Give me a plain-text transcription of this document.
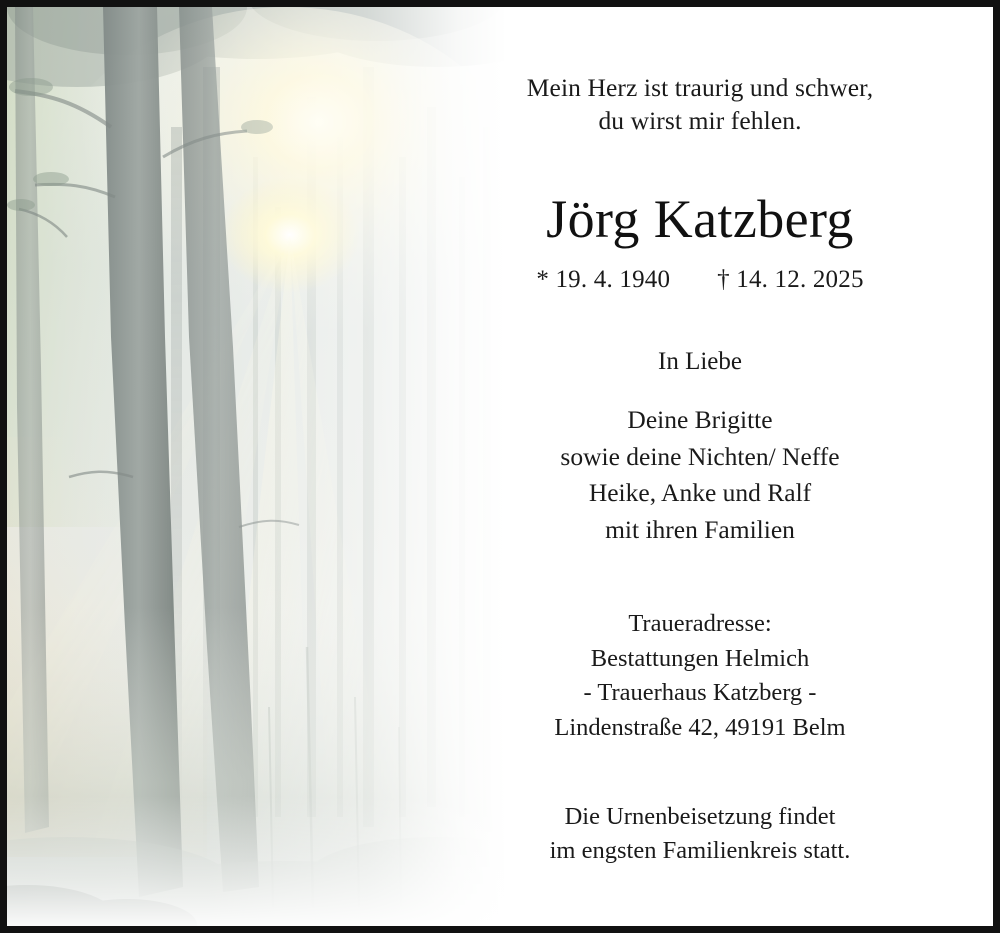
Mein Herz ist traurig und schwer,
du wirst mir fehlen.
Jörg Katzberg
* 19. 4. 1940 † 14. 12. 2025
In Liebe
Deine Brigitte
sowie deine Nichten/ Neffe
Heike, Anke und Ralf
mit ihren Familien
Traueradresse:
Bestattungen Helmich
- Trauerhaus Katzberg -
Lindenstraße 42, 49191 Belm
Die Urnenbeisetzung findet
im engsten Familienkreis statt.
